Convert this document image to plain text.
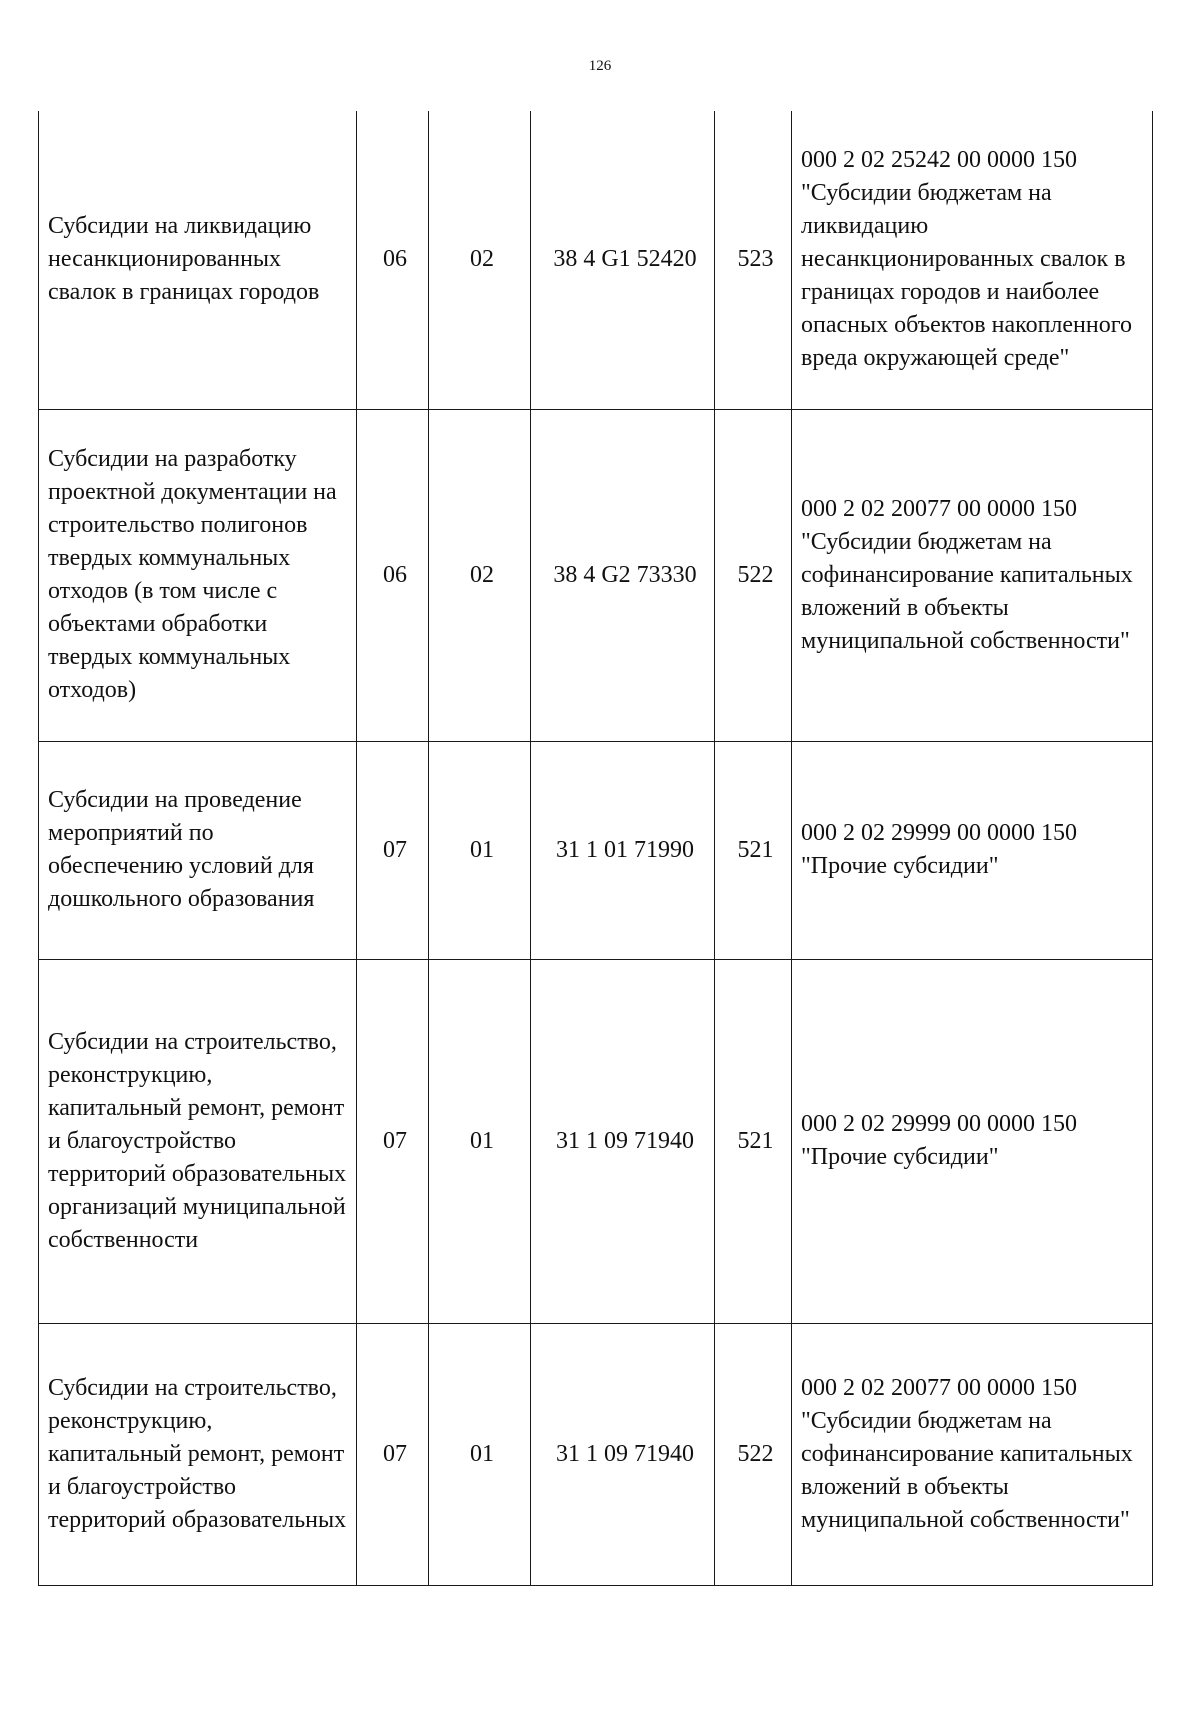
126
Субсидии на ликвидацию несанкционированных свалок в границах городов	06	02	38 4 G1 52420	523	000 2 02 25242 00 0000 150 "Субсидии бюджетам на ликвидацию несанкционированных свалок в границах городов и наиболее опасных объектов накопленного вреда окружающей среде"
Субсидии на разработку проектной документации на строительство полигонов твердых коммунальных отходов (в том числе с объектами обработки твердых коммунальных отходов)	06	02	38 4 G2 73330	522	000 2 02 20077 00 0000 150 "Субсидии бюджетам на софинансирование капитальных вложений в объекты муниципальной собственности"
Субсидии на проведение мероприятий по обеспечению условий для дошкольного образования	07	01	31 1 01 71990	521	000 2 02 29999 00 0000 150 "Прочие субсидии"
Субсидии на строительство, реконструкцию, капитальный ремонт, ремонт и благоустройство территорий образовательных организаций муниципальной собственности	07	01	31 1 09 71940	521	000 2 02 29999 00 0000 150 "Прочие субсидии"
Субсидии на строительство, реконструкцию, капитальный ремонт, ремонт и благоустройство территорий образовательных	07	01	31 1 09 71940	522	000 2 02 20077 00 0000 150 "Субсидии бюджетам на софинансирование капитальных вложений в объекты муниципальной собственности"
